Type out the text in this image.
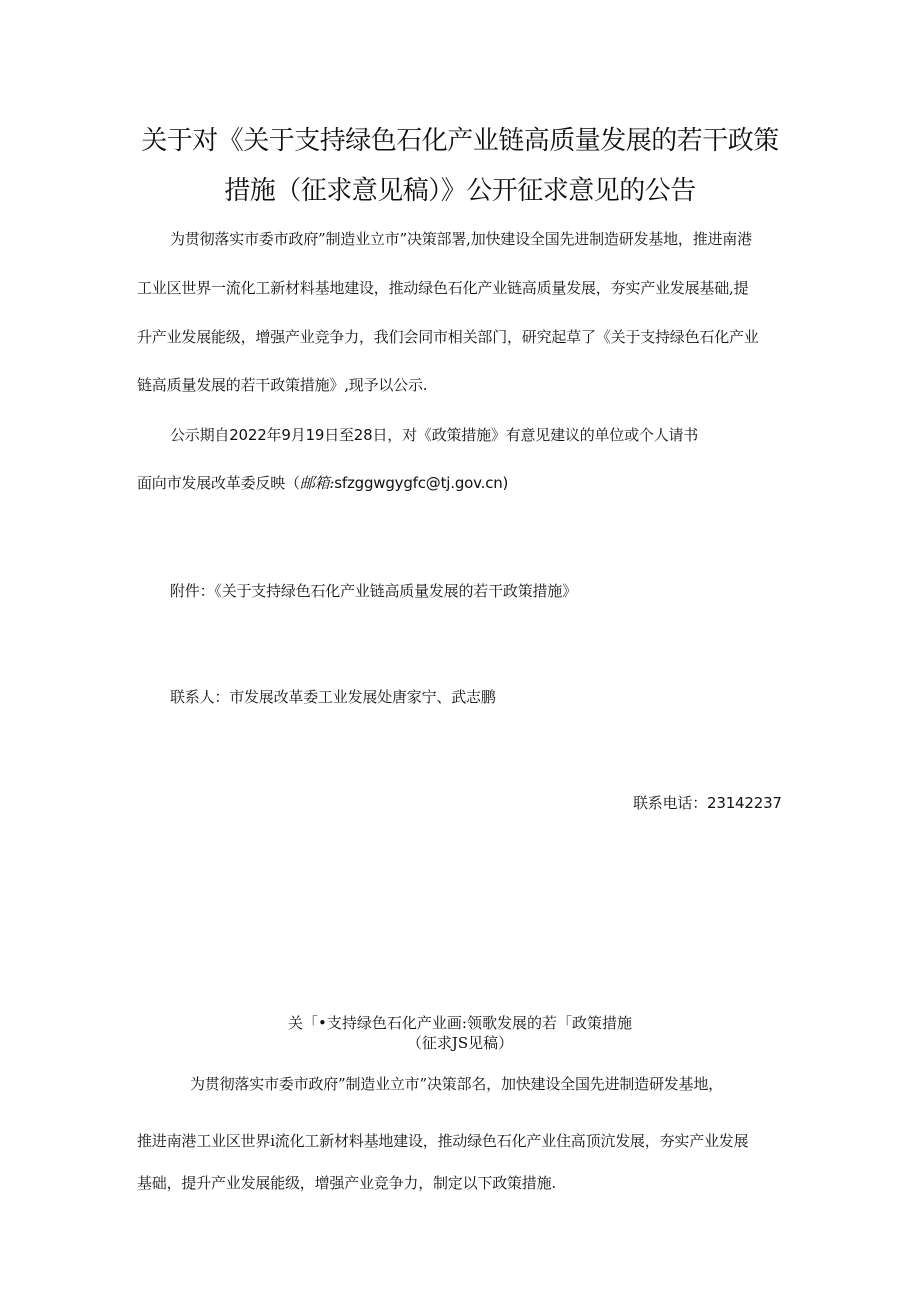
关于对《关于支持绿色石化产业链高质量发展的若干政策
措施（征求意见稿）》公开征求意见的公告
为贯彻落实市委市政府”制造业立市”决策部署,加快建设全国先进制造研发基地，推进南港
工业区世界一流化工新材料基地建设，推动绿色石化产业链高质量发展，夯实产业发展基础,提
升产业发展能级，增强产业竞争力，我们会同市相关部门，研究起草了《关于支持绿色石化产业
链高质量发展的若干政策措施》,现予以公示.
公示期自2022年9月19日至28日，对《政策措施》有意见建议的单位或个人请书
面向市发展改革委反映（邮箱:sfzggwgygfc@tj.gov.cn)
附件：《关于支持绿色石化产业链高质量发展的若干政策措施》
联系人：市发展改革委工业发展处唐家宁、武志鹏
联系电话：23142237
关「•支持绿色石化产业画:领歌发展的若「政策措施
（征求JS见稿）
为贯彻落实市委市政府”制造业立市”决策部名，加快建设全国先进制造研发基地，
推进南港工业区世界i流化工新材料基地建设，推动绿色石化产业住高顶沆发展，夯实产业发展
基础，提升产业发展能级，增强产业竞争力，制定以下政策措施.
